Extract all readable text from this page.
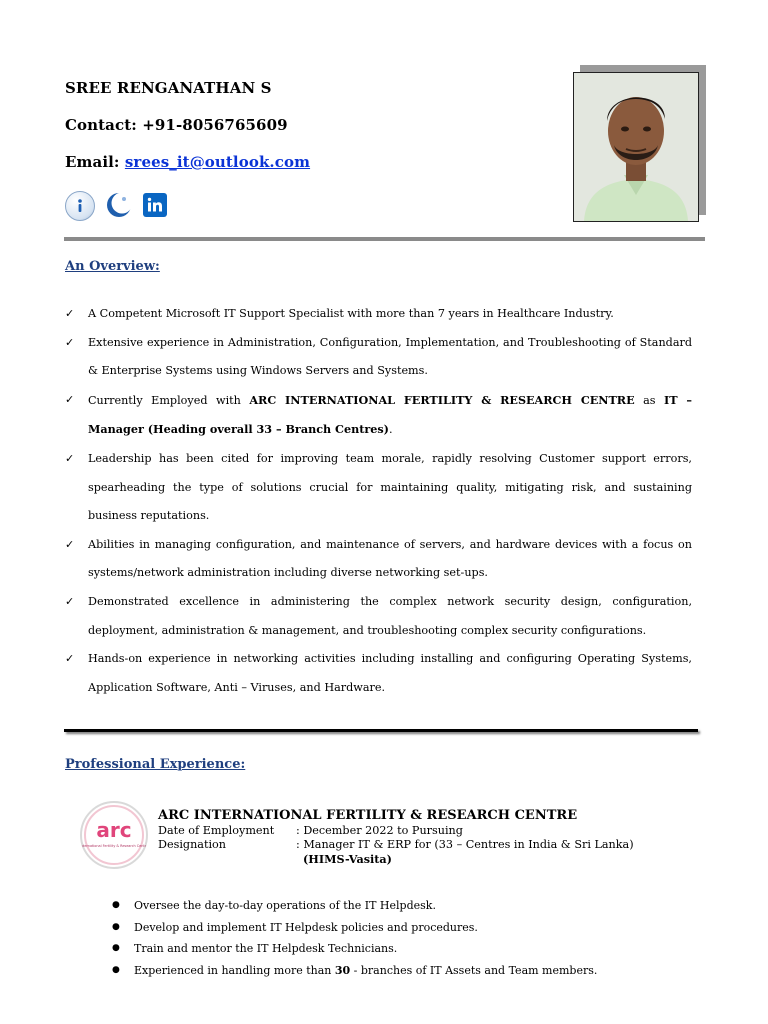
SREE RENGANATHAN S
Contact: +91-8056765609
Email: srees_it@outlook.com
An Overview:
✓ A Competent Microsoft IT Support Specialist with more than 7 years in Healthcare Industry.
✓ Extensive experience in Administration, Configuration, Implementation, and Troubleshooting of Standard & Enterprise Systems using Windows Servers and Systems.
✓ Currently Employed with ARC INTERNATIONAL FERTILITY & RESEARCH CENTRE as IT – Manager (Heading overall 33 – Branch Centres).
✓ Leadership has been cited for improving team morale, rapidly resolving Customer support errors, spearheading the type of solutions crucial for maintaining quality, mitigating risk, and sustaining business reputations.
✓ Abilities in managing configuration, and maintenance of servers, and hardware devices with a focus on systems/network administration including diverse networking set-ups.
✓ Demonstrated excellence in administering the complex network security design, configuration, deployment, administration & management, and troubleshooting complex security configurations.
✓ Hands-on experience in networking activities including installing and configuring Operating Systems, Application Software, Anti – Viruses, and Hardware.
Professional Experience:
arc
International Fertility & Research Centre
ARC INTERNATIONAL FERTILITY & RESEARCH CENTRE
Date of Employment : December 2022 to Pursuing
Designation	: Manager IT & ERP for (33 – Centres in India & Sri Lanka)
(HIMS-Vasita)
● Oversee the day-to-day operations of the IT Helpdesk.
● Develop and implement IT Helpdesk policies and procedures.
● Train and mentor the IT Helpdesk Technicians.
● Experienced in handling more than 30 - branches of IT Assets and Team members.
